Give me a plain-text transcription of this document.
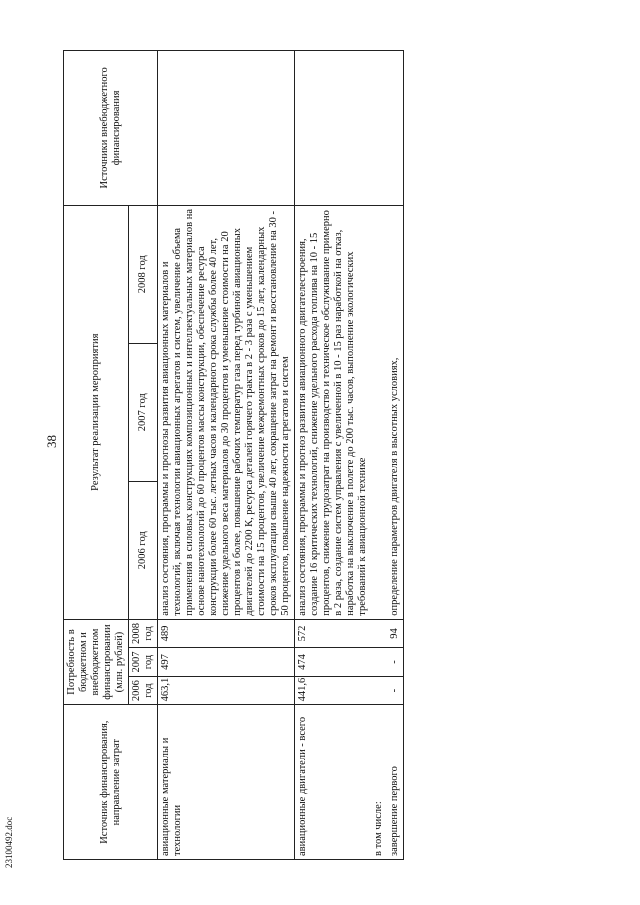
38
23100492.doc	Источник финансирования, направление затрат	Потребность в бюджетном и внебюджетном финансировании (млн. рублей)			Результат реализации мероприятия			Источники внебюджетного финансирования
	2006 год	2007 год	2008 год	2006 год	2007 год	2008 год	
авиационные материалы и технологии	463,1	497	489	анализ состояния, программы и прогнозы развития авиационных материалов и технологий, включая технологии авиационных агрегатов и систем, увеличение объема применения в силовых конструкциях композиционных и интеллектуальных материалов на основе нанотехнологий до 60 процентов массы конструкции, обеспечение ресурса конструкции более 60 тыс. летных часов и календарного срока службы более 40 лет, снижение удельного веса материалов до 30 процентов и уменьшение стоимости на 20 процентов и более, повышение рабочих температур газа перед турбиной авиационных двигателей до 2200 К, ресурса деталей горячего тракта в 2 - 3 раза с уменьшением стоимости на 15 процентов, увеличение межремонтных сроков до 15 лет, календарных сроков эксплуатации свыше 40 лет, сокращение затрат на ремонт и восстановление на 30 - 50 процентов, повышение надежности агрегатов и систем			
авиационные двигатели - всего	441,6	474	572	анализ состояния, программы и прогноз развития авиационного двигателестроения, создание 16 критических технологий, снижение удельного расхода топлива на 10 - 15 процентов, снижение трудозатрат на производство и техническое обслуживание примерно в 2 раза, создание систем управления с увеличенной в 10 - 15 раз наработкой на отказ, наработка на выключение в полете до 200 тыс. часов, выполнение экологических требований к авиационной технике			
в том числе:							
завершение первого	-	-	94	определение параметров двигателя в высотных условиях,			
